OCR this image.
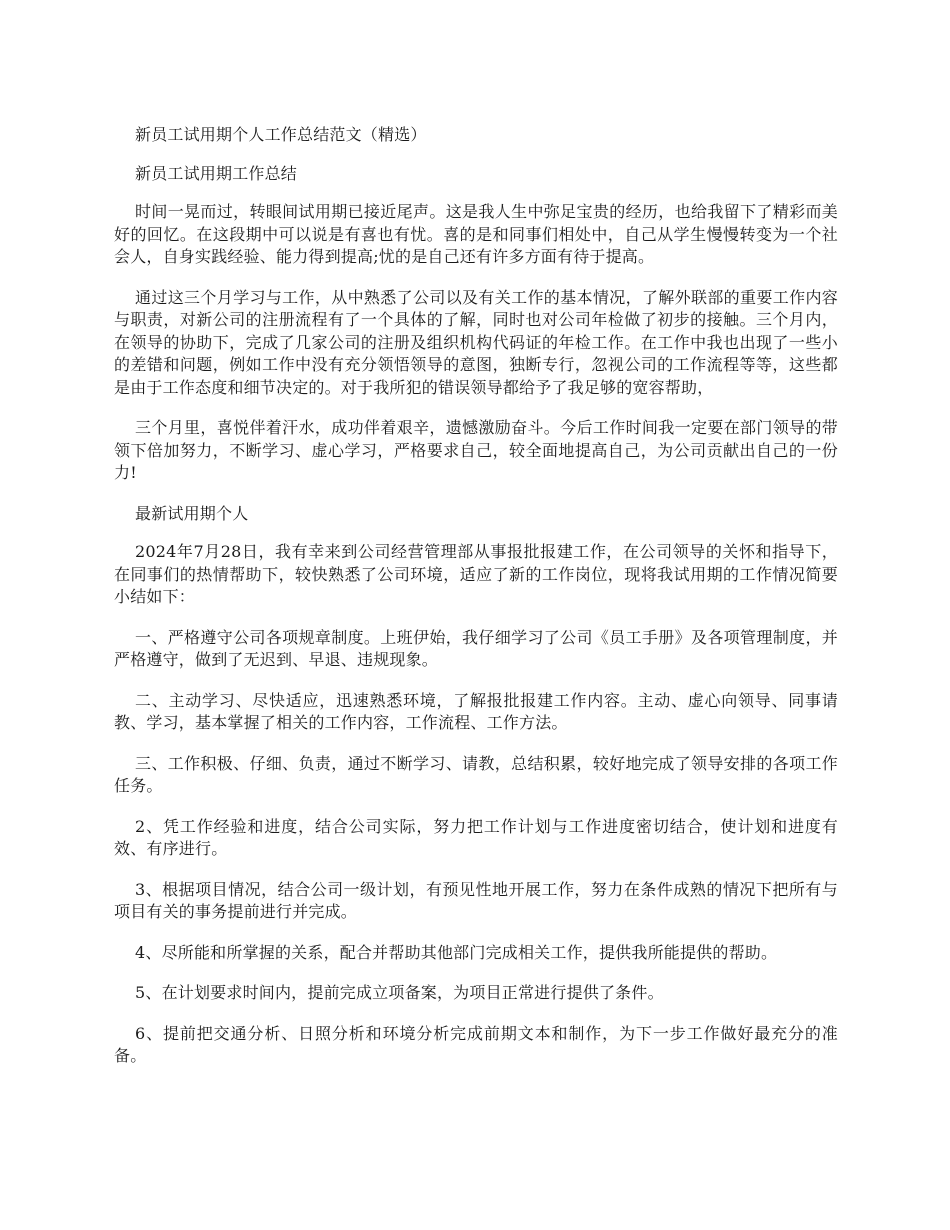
新员工试用期个人工作总结范文（精选）

新员工试用期工作总结

时间一晃而过，转眼间试用期已接近尾声。这是我人生中弥足宝贵的经历，也给我留下了精彩而美好的回忆。在这段期中可以说是有喜也有忧。喜的是和同事们相处中，自己从学生慢慢转变为一个社会人，自身实践经验、能力得到提高;忧的是自己还有许多方面有待于提高。

通过这三个月学习与工作，从中熟悉了公司以及有关工作的基本情况，了解外联部的重要工作内容与职责，对新公司的注册流程有了一个具体的了解，同时也对公司年检做了初步的接触。三个月内，在领导的协助下，完成了几家公司的注册及组织机构代码证的年检工作。在工作中我也出现了一些小的差错和问题，例如工作中没有充分领悟领导的意图，独断专行，忽视公司的工作流程等等，这些都是由于工作态度和细节决定的。对于我所犯的错误领导都给予了我足够的宽容帮助，

三个月里，喜悦伴着汗水，成功伴着艰辛，遗憾激励奋斗。今后工作时间我一定要在部门领导的带领下倍加努力，不断学习、虚心学习，严格要求自己，较全面地提高自己，为公司贡献出自己的一份力!

最新试用期个人

2024年7月28日，我有幸来到公司经营管理部从事报批报建工作，在公司领导的关怀和指导下，在同事们的热情帮助下，较快熟悉了公司环境，适应了新的工作岗位，现将我试用期的工作情况简要小结如下：

一、严格遵守公司各项规章制度。上班伊始，我仔细学习了公司《员工手册》及各项管理制度，并严格遵守，做到了无迟到、早退、违规现象。

二、主动学习、尽快适应，迅速熟悉环境，了解报批报建工作内容。主动、虚心向领导、同事请教、学习，基本掌握了相关的工作内容，工作流程、工作方法。

三、工作积极、仔细、负责，通过不断学习、请教，总结积累，较好地完成了领导安排的各项工作任务。

2、凭工作经验和进度，结合公司实际，努力把工作计划与工作进度密切结合，使计划和进度有效、有序进行。

3、根据项目情况，结合公司一级计划，有预见性地开展工作，努力在条件成熟的情况下把所有与项目有关的事务提前进行并完成。

4、尽所能和所掌握的关系，配合并帮助其他部门完成相关工作，提供我所能提供的帮助。

5、在计划要求时间内，提前完成立项备案，为项目正常进行提供了条件。

6、提前把交通分析、日照分析和环境分析完成前期文本和制作，为下一步工作做好最充分的准备。
